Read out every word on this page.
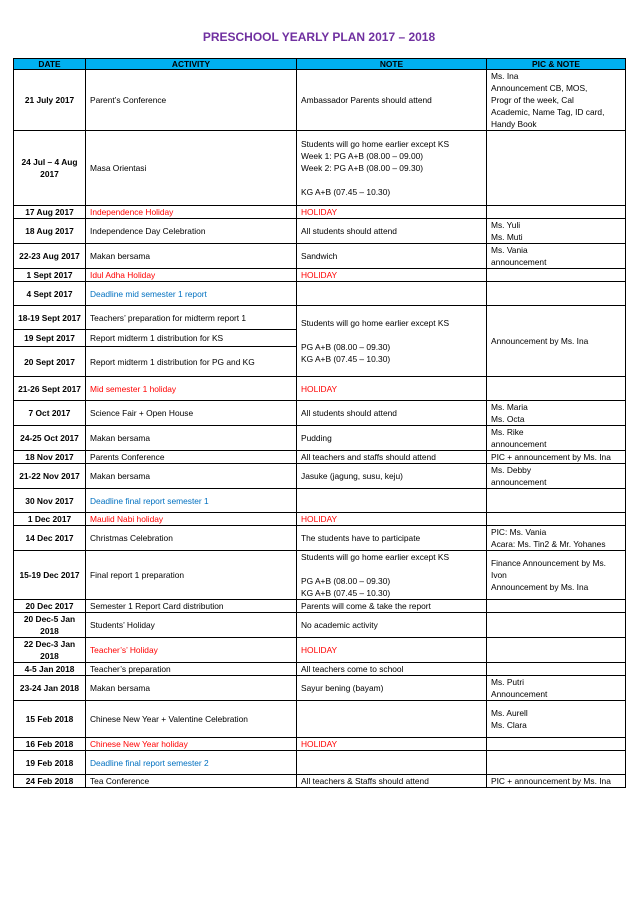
PRESCHOOL YEARLY PLAN 2017 – 2018
DATE	ACTIVITY	NOTE	PIC & NOTE
21 July 2017	Parent’s Conference	Ambassador Parents should attend	Ms. Ina
Announcement CB, MOS,
Progr of the week, Cal
Academic, Name Tag, ID card,
Handy Book

24 Jul – 4 Aug 2017	Masa Orientasi	Students will go home earlier except KS
Week 1: PG A+B (08.00 – 09.00)
Week 2: PG A+B (08.00 – 09.30)
KG A+B (07.45 – 10.30)	

17 Aug 2017	Independence Holiday	HOLIDAY	
18 Aug 2017	Independence Day Celebration	All students should attend	Ms. Yuli
Ms. Muti

22-23 Aug 2017	Makan bersama	Sandwich	Ms. Vania
announcement

1 Sept 2017	Idul Adha Holiday	HOLIDAY	
4 Sept 2017	Deadline mid semester 1 report		
18-19 Sept 2017	Teachers’ preparation for midterm report 1	Students will go home earlier except KS
PG A+B (08.00 – 09.30)
KG A+B (07.45 – 10.30)	Announcement by Ms. Ina

19 Sept 2017	Report midterm 1 distribution for KS		
20 Sept 2017	Report midterm 1 distribution for PG and KG		
21-26 Sept 2017	Mid semester 1 holiday	HOLIDAY	
7 Oct 2017	Science Fair + Open House	All students should attend	Ms. Maria
Ms. Octa

24-25 Oct 2017	Makan bersama	Pudding	Ms. Rike
announcement

18 Nov 2017	Parents Conference	All teachers and staffs should attend	PIC + announcement by Ms. Ina

21-22 Nov 2017	Makan bersama	Jasuke (jagung, susu, keju)	Ms. Debby
announcement

30 Nov 2017	Deadline final report semester 1		
1 Dec 2017	Maulid Nabi holiday	HOLIDAY	
14 Dec 2017	Christmas Celebration	The students have to participate	PIC: Ms. Vania
Acara: Ms. Tin2 & Mr. Yohanes

15-19 Dec 2017	Final report 1 preparation	Students will go home earlier except KS
PG A+B (08.00 – 09.30)
KG A+B (07.45 – 10.30)	Finance Announcement by Ms.
Ivon
Announcement by Ms. Ina

20 Dec 2017	Semester 1 Report Card distribution	Parents will come & take the report	
20 Dec-5 Jan 2018	Students’ Holiday	No academic activity	
22 Dec-3 Jan 2018	Teacher’s’ Holiday	HOLIDAY	
4-5 Jan 2018	Teacher’s preparation	All teachers come to school	
23-24 Jan 2018	Makan bersama	Sayur bening (bayam)	Ms. Putri
Announcement

15 Feb 2018	Chinese New Year + Valentine Celebration		Ms. Aurell
Ms. Clara

16 Feb 2018	Chinese New Year holiday	HOLIDAY	
19 Feb 2018	Deadline final report semester 2		
24 Feb 2018	Tea Conference	All teachers & Staffs should attend	PIC + announcement by Ms. Ina
